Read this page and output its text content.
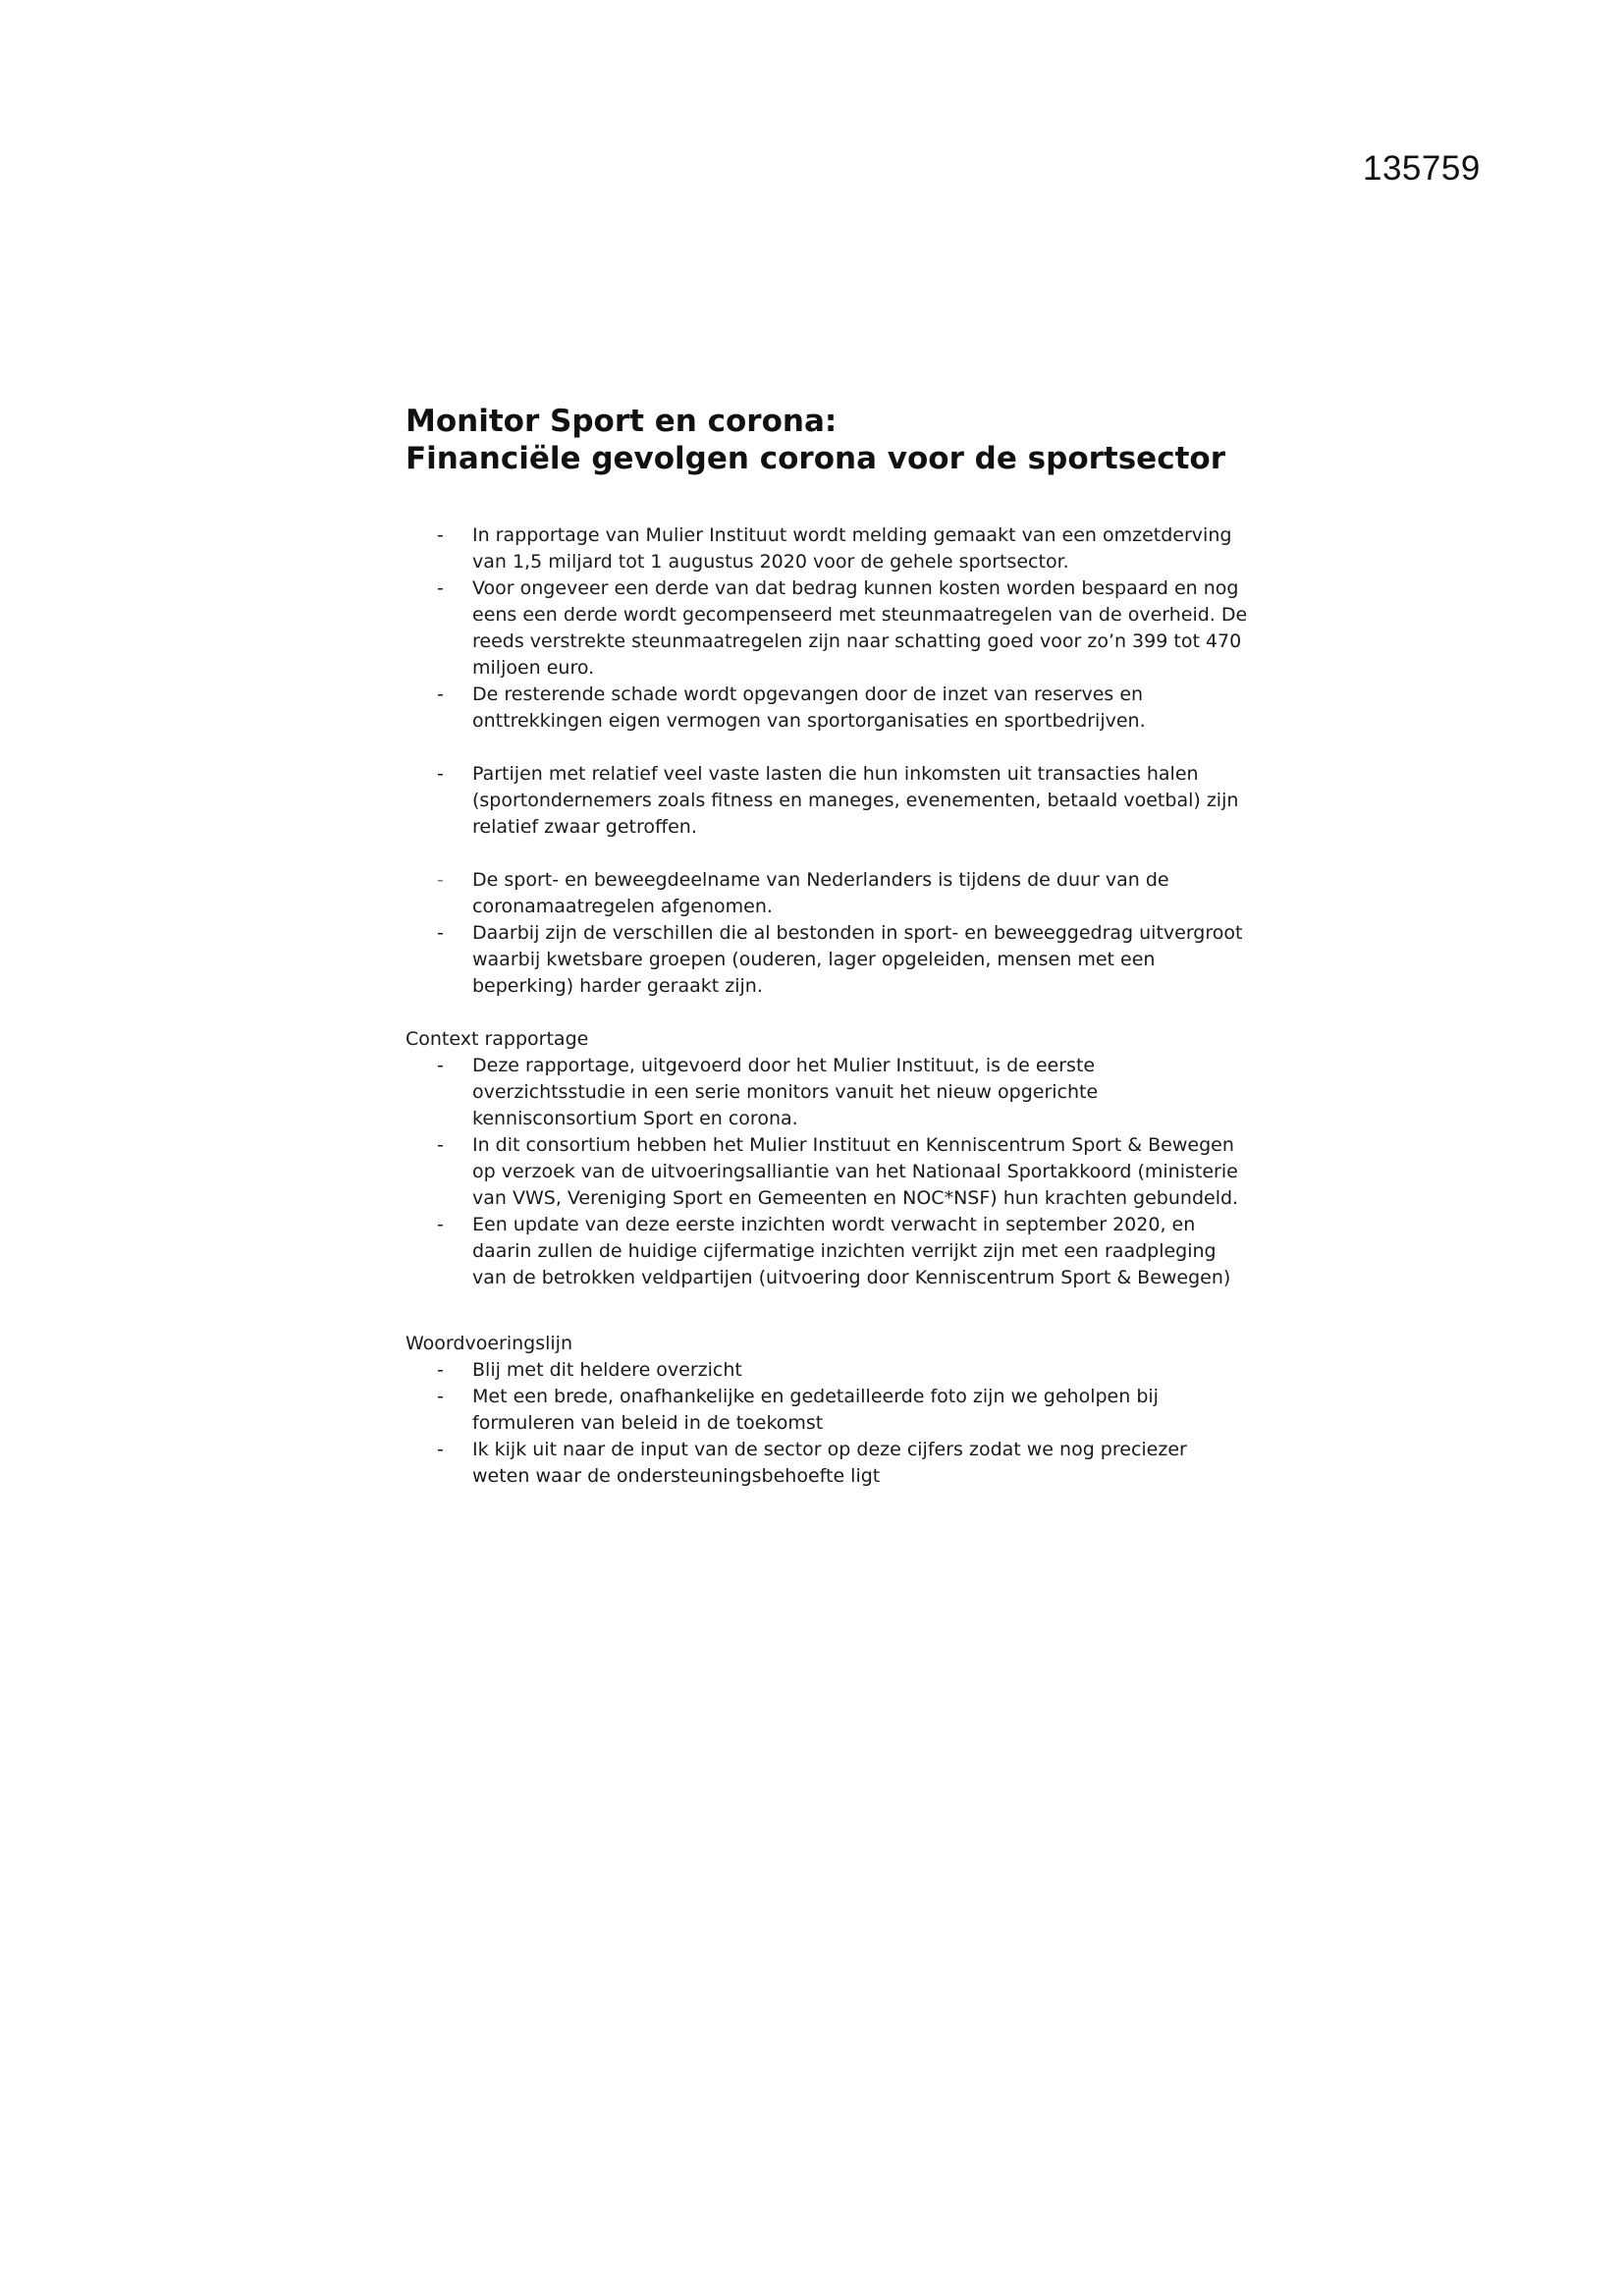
135759
Monitor Sport en corona:
Financiële gevolgen corona voor de sportsector
- In rapportage van Mulier Instituut wordt melding gemaakt van een omzetderving van 1,5 miljard tot 1 augustus 2020 voor de gehele sportsector.
- Voor ongeveer een derde van dat bedrag kunnen kosten worden bespaard en nog eens een derde wordt gecompenseerd met steunmaatregelen van de overheid. De reeds verstrekte steunmaatregelen zijn naar schatting goed voor zo’n 399 tot 470 miljoen euro.
- De resterende schade wordt opgevangen door de inzet van reserves en onttrekkingen eigen vermogen van sportorganisaties en sportbedrijven.
- Partijen met relatief veel vaste lasten die hun inkomsten uit transacties halen (sportondernemers zoals fitness en maneges, evenementen, betaald voetbal) zijn relatief zwaar getroffen.
- De sport- en beweegdeelname van Nederlanders is tijdens de duur van de coronamaatregelen afgenomen.
- Daarbij zijn de verschillen die al bestonden in sport- en beweeggedrag uitvergroot waarbij kwetsbare groepen (ouderen, lager opgeleiden, mensen met een beperking) harder geraakt zijn.

Context rapportage

- Deze rapportage, uitgevoerd door het Mulier Instituut, is de eerste overzichtsstudie in een serie monitors vanuit het nieuw opgerichte kennisconsortium Sport en corona.
- In dit consortium hebben het Mulier Instituut en Kenniscentrum Sport & Bewegen op verzoek van de uitvoeringsalliantie van het Nationaal Sportakkoord (ministerie van VWS, Vereniging Sport en Gemeenten en NOC*NSF) hun krachten gebundeld.
- Een update van deze eerste inzichten wordt verwacht in september 2020, en daarin zullen de huidige cijfermatige inzichten verrijkt zijn met een raadpleging van de betrokken veldpartijen (uitvoering door Kenniscentrum Sport & Bewegen)

Woordvoeringslijn

- Blij met dit heldere overzicht
- Met een brede, onafhankelijke en gedetailleerde foto zijn we geholpen bij formuleren van beleid in de toekomst
- Ik kijk uit naar de input van de sector op deze cijfers zodat we nog preciezer weten waar de ondersteuningsbehoefte ligt
